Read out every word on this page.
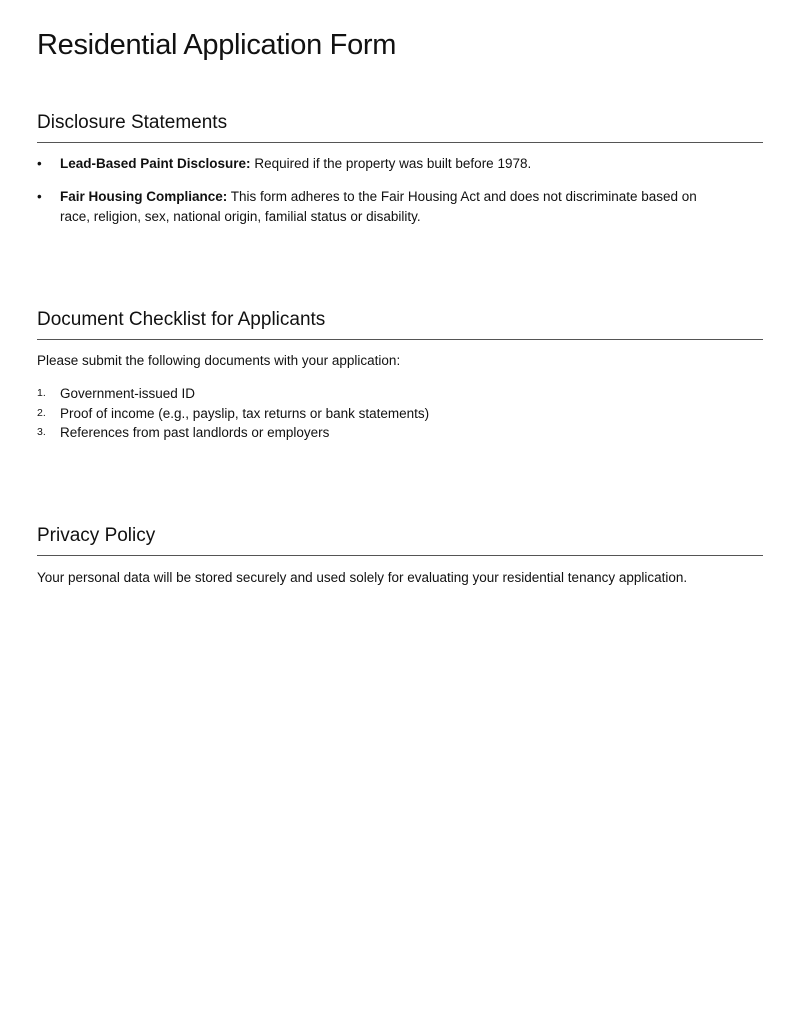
Residential Application Form
Disclosure Statements
• Lead-Based Paint Disclosure: Required if the property was built before 1978.
• Fair Housing Compliance: This form adheres to the Fair Housing Act and does not discriminate based on race, religion, sex, national origin, familial status or disability.
Document Checklist for Applicants
Please submit the following documents with your application:
1. Government-issued ID
2. Proof of income (e.g., payslip, tax returns or bank statements)
3. References from past landlords or employers
Privacy Policy
Your personal data will be stored securely and used solely for evaluating your residential tenancy application.
